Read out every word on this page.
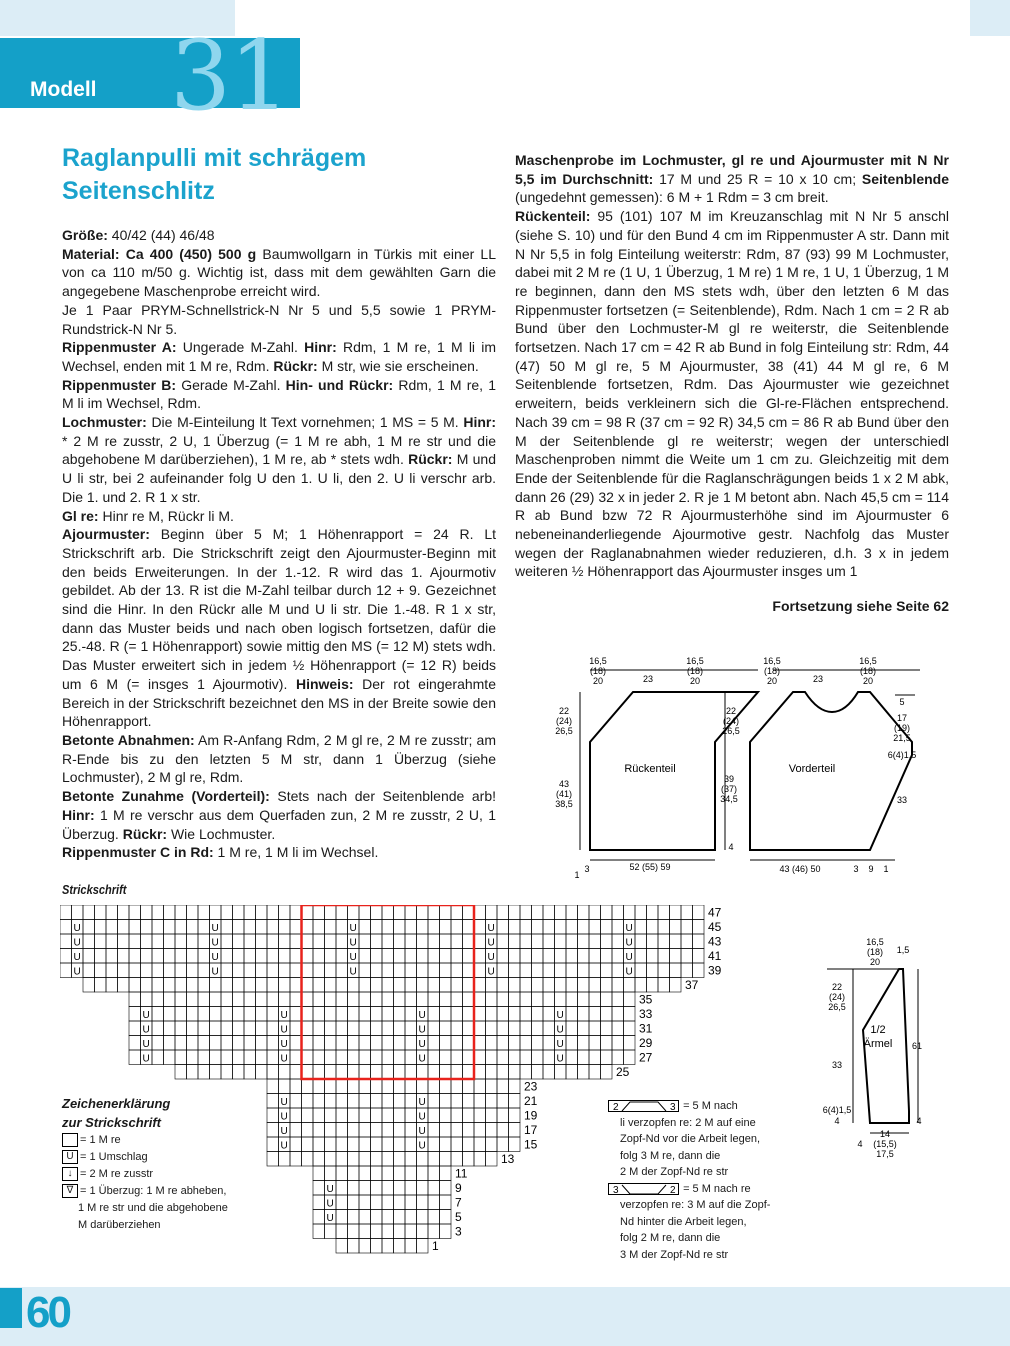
Modell 31
Raglanpulli mit schrägem
Seitenschlitz

Größe: 40/42 (44) 46/48

Material: Ca 400 (450) 500 g Baumwollgarn in Türkis mit einer LL von ca 110 m/50 g. Wichtig ist, dass mit dem gewählten Garn die angegebene Maschenprobe erreicht wird.

Je 1 Paar PRYM-Schnellstrick-N Nr 5 und 5,5 sowie 1 PRYM-Rundstrick-N Nr 5.

Rippenmuster A: Ungerade M-Zahl. Hinr: Rdm, 1 M re, 1 M li im Wechsel, enden mit 1 M re, Rdm. Rückr: M str, wie sie erscheinen.

Rippenmuster B: Gerade M-Zahl. Hin- und Rückr: Rdm, 1 M re, 1 M li im Wechsel, Rdm.

Lochmuster: Die M-Einteilung lt Text vornehmen; 1 MS = 5 M. Hinr: * 2 M re zusstr, 2 U, 1 Überzug (= 1 M re abh, 1 M re str und die abgehobene M darüberziehen), 1 M re, ab * stets wdh. Rückr: M und U li str, bei 2 aufeinander folg U den 1. U li, den 2. U li verschr arb. Die 1. und 2. R 1 x str.

Gl re: Hinr re M, Rückr li M.

Ajourmuster: Beginn über 5 M; 1 Höhenrapport = 24 R. Lt Strickschrift arb. Die Strickschrift zeigt den Ajourmuster-Beginn mit den beids Erweiterungen. In der 1.-12. R wird das 1. Ajourmotiv gebildet. Ab der 13. R ist die M-Zahl teilbar durch 12 + 9. Gezeichnet sind die Hinr. In den Rückr alle M und U li str. Die 1.-48. R 1 x str, dann das Muster beids und nach oben logisch fortsetzen, dafür die 25.-48. R (= 1 Höhenrapport) sowie mittig den MS (= 12 M) stets wdh. Das Muster erweitert sich in jedem ½ Höhenrapport (= 12 R) beids um 6 M (= insges 1 Ajourmotiv). Hinweis: Der rot eingerahmte Bereich in der Strickschrift bezeichnet den MS in der Breite sowie den Höhenrapport.

Betonte Abnahmen: Am R-Anfang Rdm, 2 M gl re, 2 M re zusstr; am R-Ende bis zu den letzten 5 M str, dann 1 Überzug (siehe Lochmuster), 2 M gl re, Rdm.

Betonte Zunahme (Vorderteil): Stets nach der Seitenblende arb! Hinr: 1 M re verschr aus dem Querfaden zun, 2 M re zusstr, 2 U, 1 Überzug. Rückr: Wie Lochmuster.

Rippenmuster C in Rd: 1 M re, 1 M li im Wechsel.

Maschenprobe im Lochmuster, gl re und Ajourmuster mit N Nr 5,5 im Durchschnitt: 17 M und 25 R = 10 x 10 cm; Seitenblende (ungedehnt gemessen): 6 M + 1 Rdm = 3 cm breit.

Rückenteil: 95 (101) 107 M im Kreuzanschlag mit N Nr 5 anschl (siehe S. 10) und für den Bund 4 cm im Rippenmuster A str. Dann mit N Nr 5,5 in folg Einteilung weiterstr: Rdm, 87 (93) 99 M Lochmuster, dabei mit 2 M re (1 U, 1 Überzug, 1 M re) 1 M re, 1 U, 1 Überzug, 1 M re beginnen, dann den MS stets wdh, über den letzten 6 M das Rippenmuster fortsetzen (= Seitenblende), Rdm. Nach 1 cm = 2 R ab Bund über den Lochmuster-M gl re weiterstr, die Seitenblende fortsetzen. Nach 17 cm = 42 R ab Bund in folg Einteilung str: Rdm, 44 (47) 50 M gl re, 5 M Ajourmuster, 38 (41) 44 M gl re, 6 M Seitenblende fortsetzen, Rdm. Das Ajourmuster wie gezeichnet erweitern, beids verkleinern sich die Gl-re-Flächen entsprechend. Nach 39 cm = 98 R (37 cm = 92 R) 34,5 cm = 86 R ab Bund über den M der Seitenblende gl re weiterstr; wegen der unterschiedl Maschenproben nimmt die Weite um 1 cm zu. Gleichzeitig mit dem Ende der Seitenblende für die Raglanschrägungen beids 1 x 2 M abk, dann 26 (29) 32 x in jeder 2. R je 1 M betont abn. Nach 45,5 cm = 114 R ab Bund bzw 72 R Ajourmusterhöhe sind im Ajourmuster 6 nebeneinanderliegende Ajourmotive gestr. Nachfolg das Muster wegen der Raglanabnahmen wieder reduzieren, d.h. 3 x in jedem weiteren ½ Höhenrapport das Ajourmuster insges um 1

Fortsetzung siehe Seite 62
16,5
(18)
20	23
16,5
(18)
20
16,5
(18)
20	23
16,5
(18)
20
22
(24)
26,5
43
(41)
38,5
22
(24)
26,5
39
(37)
34,5
4
52 (55) 59
1
3	43 (46) 50	3 9 1
5
17
(19)
21,5
6(4)1,5
33
Rückenteil	Vorderteil
16,5
(18)
20
1,5
22
(24)
26,5
33
6(4)1,5
4
61
4
14
(15,5)
17,5
4
1/2
Ärmel
Strickschrift
47
45
43
41
39
37
35
33
31
29
27
25
23
21
19
17
15
13
11
9
7
5
3
1
U	U	U	U	U
U	U	U	U	U
U	U	U	U	U
U	U	U	U	U
U	U	U	U
U	U	U	U
U	U	U	U
U	U	U	U
U	U
U	U
U	U
U	U
U
U
U
Zeichenerklärung
zur Strickschrift
= 1 M re
U = 1 Umschlag
↓ = 2 M re zusstr
∇ = 1 Überzug: 1 M re abheben,
1 M re str und die abgehobene
M darüberziehen
2	3 = 5 M nach
li verzopfen re: 2 M auf eine
Zopf-Nd vor die Arbeit legen,
folg 3 M re, dann die
2 M der Zopf-Nd re str
3	2 = 5 M nach re
verzopfen re: 3 M auf die Zopf-
Nd hinter die Arbeit legen,
folg 2 M re, dann die
3 M der Zopf-Nd re str
60
